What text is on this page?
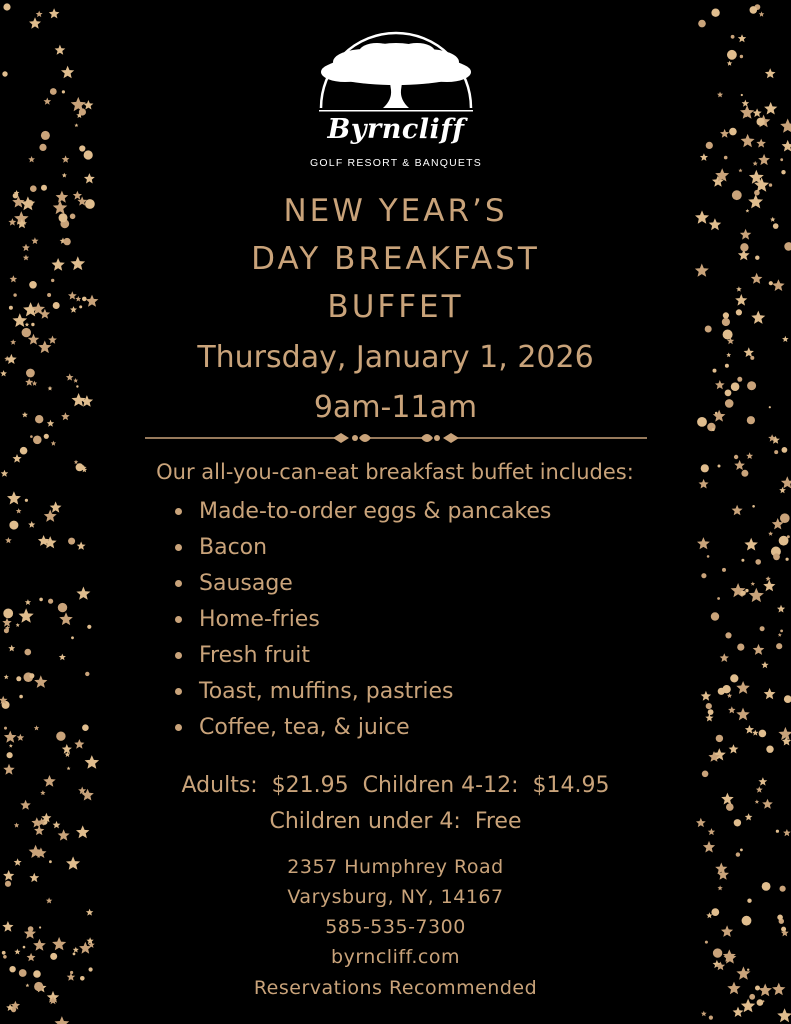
Byrncliff
GOLF RESORT & BANQUETS
NEW YEAR’S
DAY BREAKFAST
BUFFET
Thursday, January 1, 2026
9am-11am
Our all-you-can-eat breakfast buffet includes:
Made-to-order eggs & pancakes
Bacon
Sausage
Home-fries
Fresh fruit
Toast, muffins, pastries
Coffee, tea, & juice
Adults:  $21.95  Children 4-12:  $14.95
Children under 4:  Free
2357 Humphrey Road
Varysburg, NY, 14167
585-535-7300
byrncliff.com
Reservations Recommended
